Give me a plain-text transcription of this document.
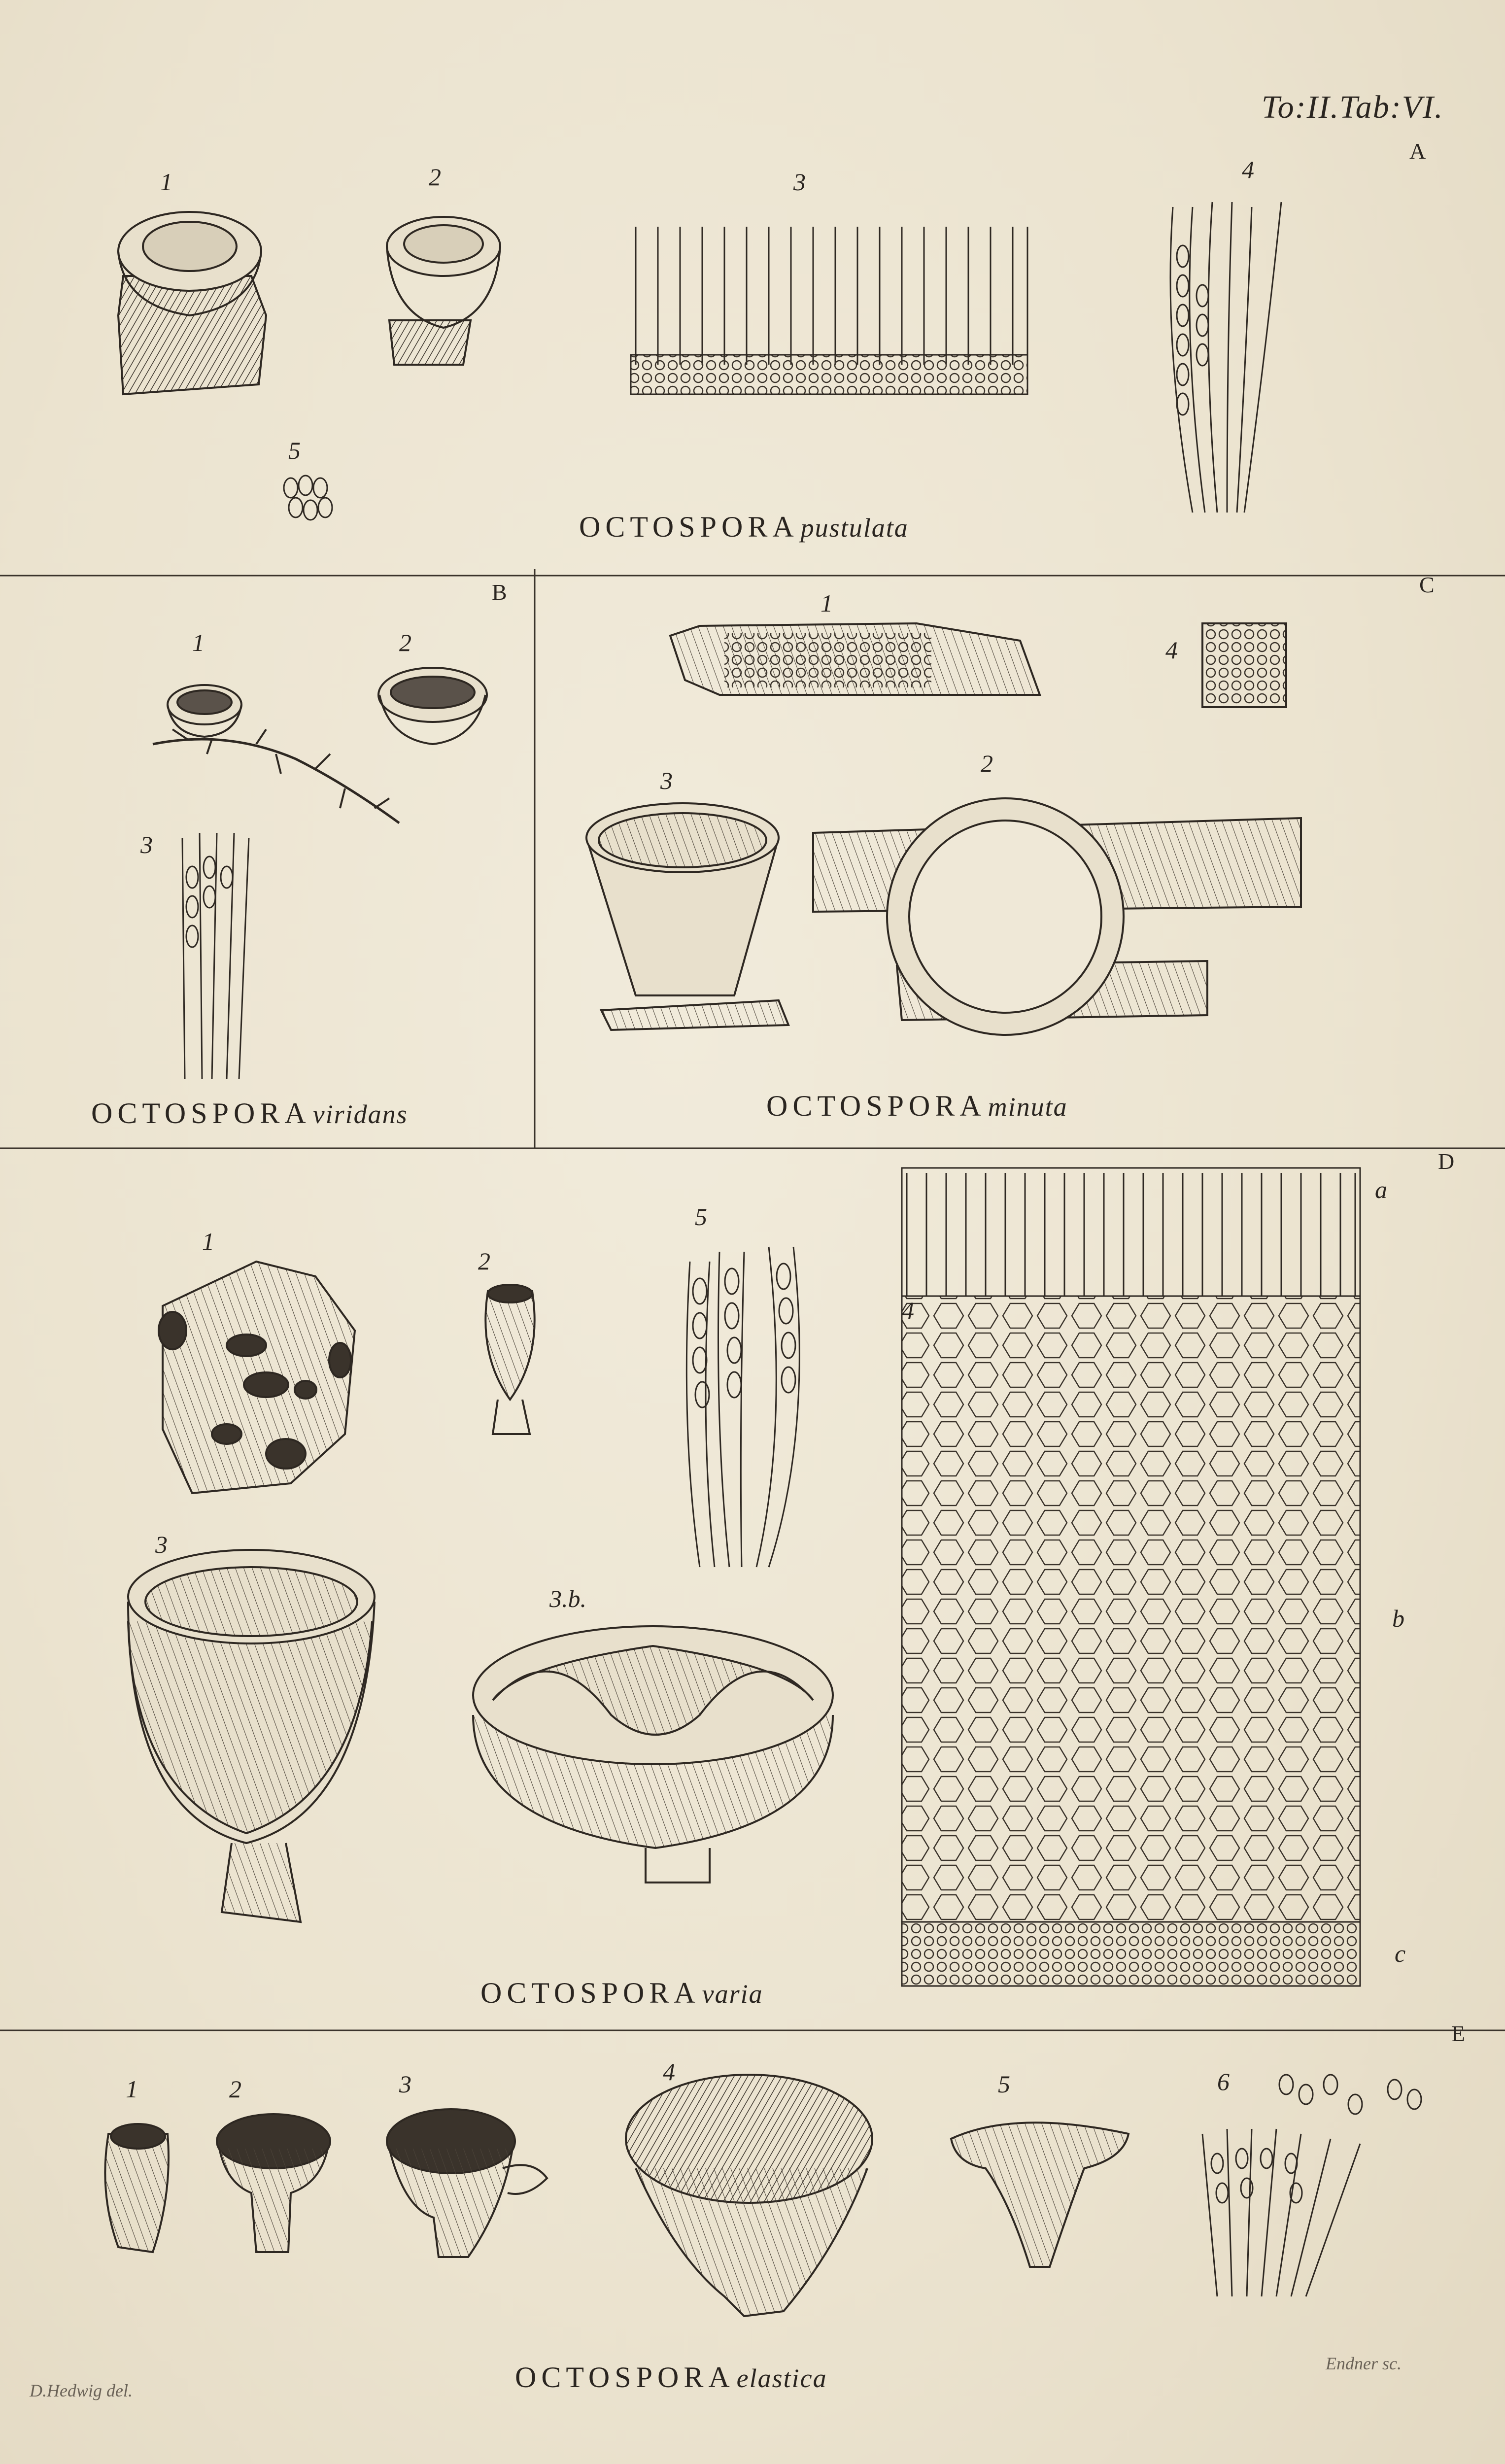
To:II.Tab:VI.
A
B	C
D
E
1	2	3	4
5
1	2
3
1
2
3
4
1
2
3
3.b.
4
5
a
b
c
1	2	3	4	5	6
OCTOSPORA pustulata
OCTOSPORA viridans	OCTOSPORA minuta
OCTOSPORA varia
OCTOSPORA elastica
D.Hedwig del.
Endner sc.
